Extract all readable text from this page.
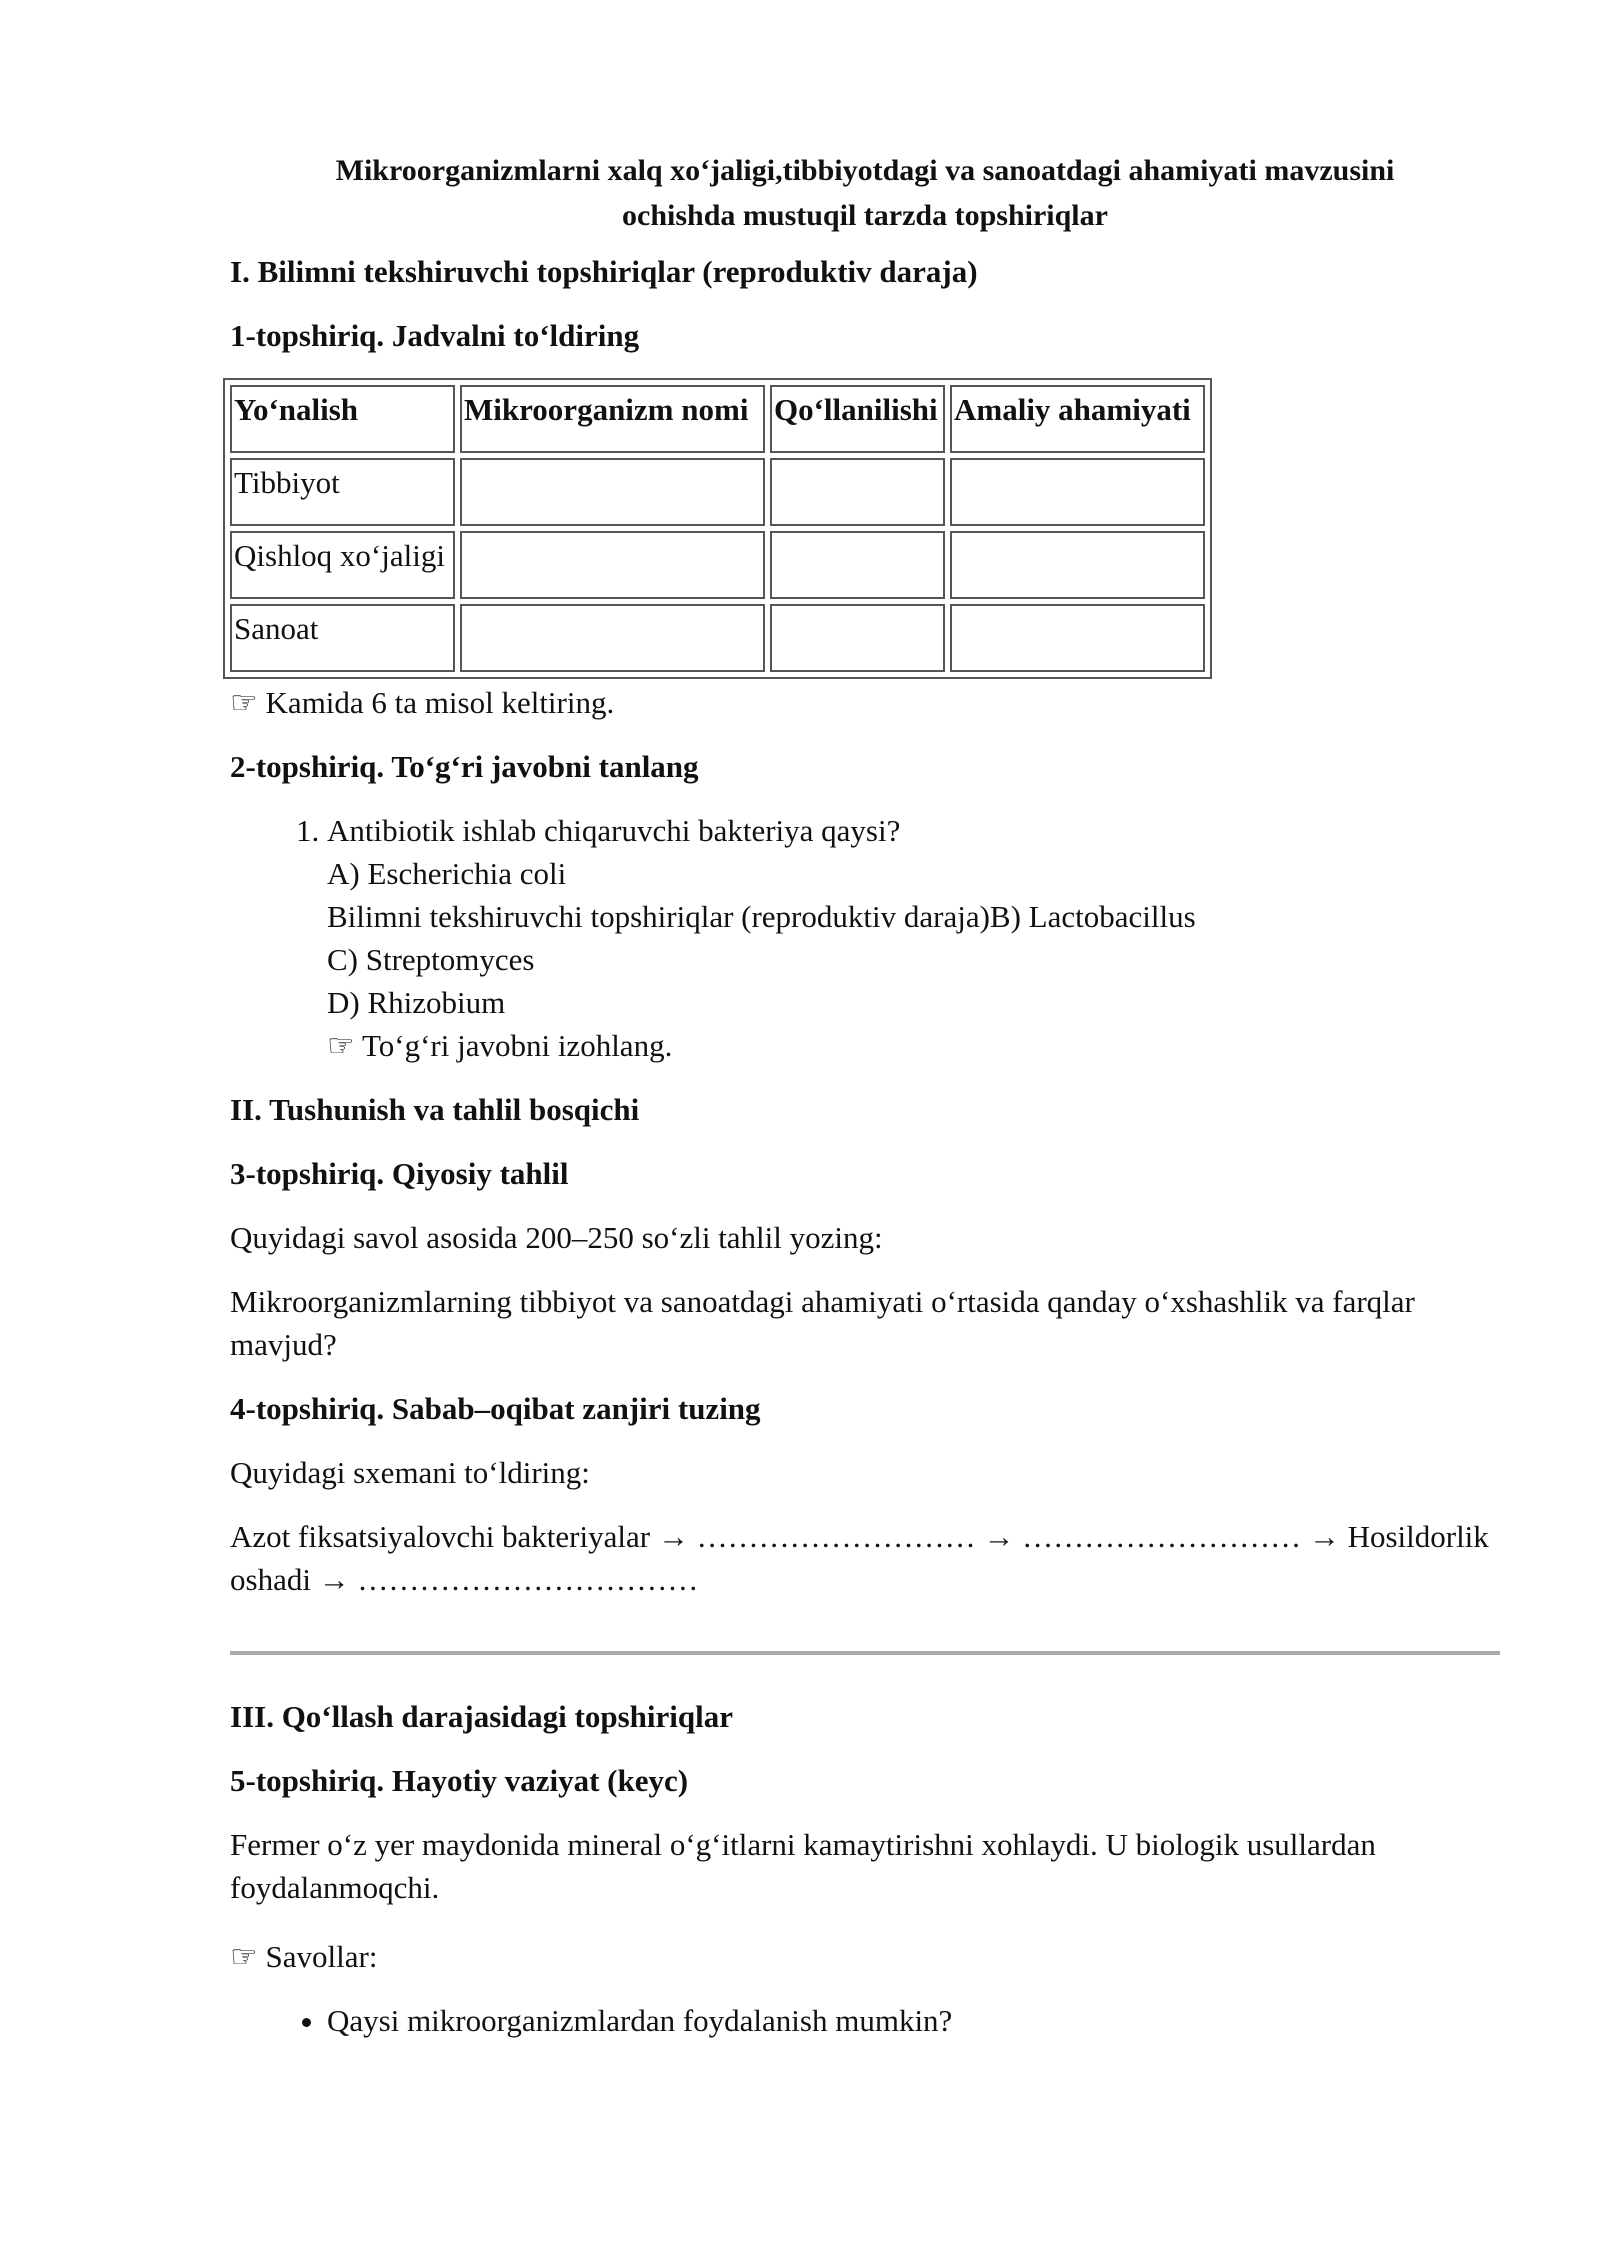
Mikroorganizmlarni xalq xo‘jaligi,tibbiyotdagi va sanoatdagi ahamiyati mavzusini
ochishda mustuqil tarzda topshiriqlar
I. Bilimni tekshiruvchi topshiriqlar (reproduktiv daraja)
1-topshiriq. Jadvalni to‘ldiring
Yo‘nalish	Mikroorganizm nomi	Qo‘llanilishi	Amaliy ahamiyati
Tibbiyot			
Qishloq xo‘jaligi			
Sanoat			
☞ Kamida 6 ta misol keltiring.
2-topshiriq. To‘g‘ri javobni tanlang
1. Antibiotik ishlab chiqaruvchi bakteriya qaysi?
A) Escherichia coli
Bilimni tekshiruvchi topshiriqlar (reproduktiv daraja)B) Lactobacillus
C) Streptomyces
D) Rhizobium
☞ To‘g‘ri javobni izohlang.
II. Tushunish va tahlil bosqichi
3-topshiriq. Qiyosiy tahlil

Quyidagi savol asosida 200–250 so‘zli tahlil yozing:

Mikroorganizmlarning tibbiyot va sanoatdagi ahamiyati o‘rtasida qanday o‘xshashlik va farqlar mavjud?

4-topshiriq. Sabab–oqibat zanjiri tuzing

Quyidagi sxemani to‘ldiring:

Azot fiksatsiyalovchi bakteriyalar → ……………………… → ……………………… → Hosildorlik oshadi → ……………………………

III. Qo‘llash darajasidagi topshiriqlar
5-topshiriq. Hayotiy vaziyat (keyc)

Fermer o‘z yer maydonida mineral o‘g‘itlarni kamaytirishni xohlaydi. U biologik usullardan foydalanmoqchi.

☞ Savollar:

• Qaysi mikroorganizmlardan foydalanish mumkin?
